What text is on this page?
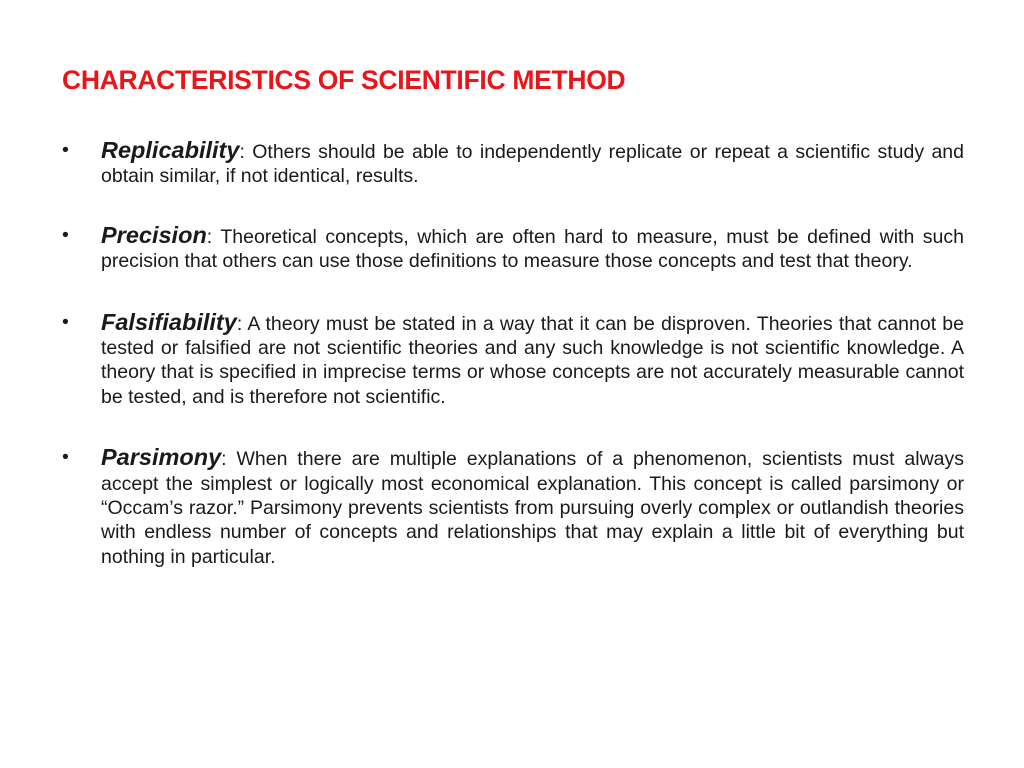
CHARACTERISTICS OF SCIENTIFIC METHOD
• Replicability: Others should be able to independently replicate or repeat a scientific study and obtain similar, if not identical, results.
• Precision: Theoretical concepts, which are often hard to measure, must be defined with such precision that others can use those definitions to measure those concepts and test that theory.
• Falsifiability: A theory must be stated in a way that it can be disproven. Theories that cannot be tested or falsified are not scientific theories and any such knowledge is not scientific knowledge. A theory that is specified in imprecise terms or whose concepts are not accurately measurable cannot be tested, and is therefore not scientific.
• Parsimony: When there are multiple explanations of a phenomenon, scientists must always accept the simplest or logically most economical explanation. This concept is called parsimony or “Occam’s razor.” Parsimony prevents scientists from pursuing overly complex or outlandish theories with endless number of concepts and relationships that may explain a little bit of everything but nothing in particular.
